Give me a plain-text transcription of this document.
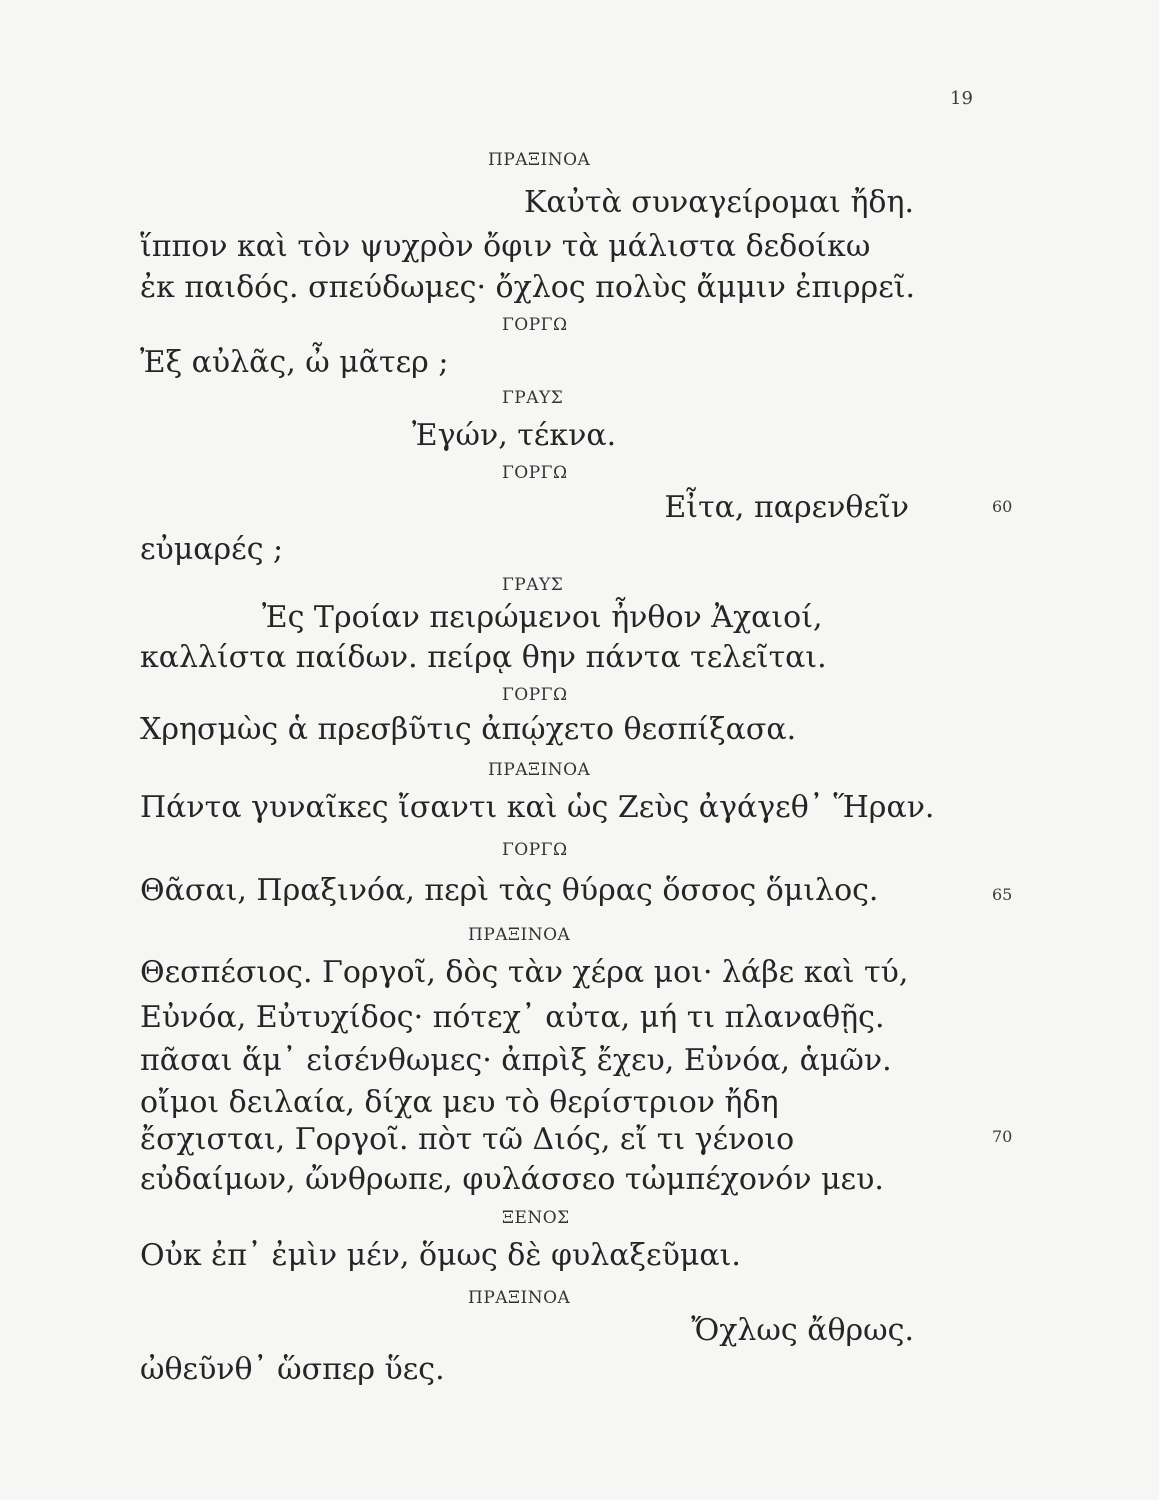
19
ΠΡΑΞΙΝΟΑ
Καὐτὰ συναγείρομαι ἤδη.
ἵππον καὶ τὸν ψυχρὸν ὄφιν τὰ μάλιστα δεδοίκω
ἐκ παιδός. σπεύδωμες· ὄχλος πολὺς ἄμμιν ἐπιρρεῖ.
ΓΟΡΓΩ
Ἐξ αὐλᾶς, ὦ μᾶτερ ;
ΓΡΑΥΣ
Ἐγών, τέκνα.
ΓΟΡΓΩ
Εἶτα, παρενθεῖν	60
εὐμαρές ;
ΓΡΑΥΣ
Ἐς Τροίαν πειρώμενοι ἦνθον Ἀχαιοί,
καλλίστα παίδων. πείρᾳ θην πάντα τελεῖται.
ΓΟΡΓΩ
Χρησμὼς ἁ πρεσβῦτις ἀπῴχετο θεσπίξασα.
ΠΡΑΞΙΝΟΑ
Πάντα γυναῖκες ἴσαντι καὶ ὡς Ζεὺς ἀγάγεθ᾽ Ἥραν.
ΓΟΡΓΩ
Θᾶσαι, Πραξινόα, περὶ τὰς θύρας ὅσσος ὅμιλος.	65
ΠΡΑΞΙΝΟΑ
Θεσπέσιος. Γοργοῖ, δὸς τὰν χέρα μοι· λάβε καὶ τύ,
Εὐνόα, Εὐτυχίδος· πότεχ᾽ αὐτα, μή τι πλαναθῇς.
πᾶσαι ἅμ᾽ εἰσένθωμες· ἀπρὶξ ἔχευ, Εὐνόα, ἁμῶν.
οἴμοι δειλαία, δίχα μευ τὸ θερίστριον ἤδη
ἔσχισται, Γοργοῖ. πὸτ τῶ Διός, εἴ τι γένοιο	70
εὐδαίμων, ὤνθρωπε, φυλάσσεο τὠμπέχονόν μευ.
ΞΕΝΟΣ
Οὐκ ἐπ᾽ ἐμὶν μέν, ὅμως δὲ φυλαξεῦμαι.
ΠΡΑΞΙΝΟΑ
Ὄχλως ἄθρως.
ὠθεῦνθ᾽ ὥσπερ ὕες.
